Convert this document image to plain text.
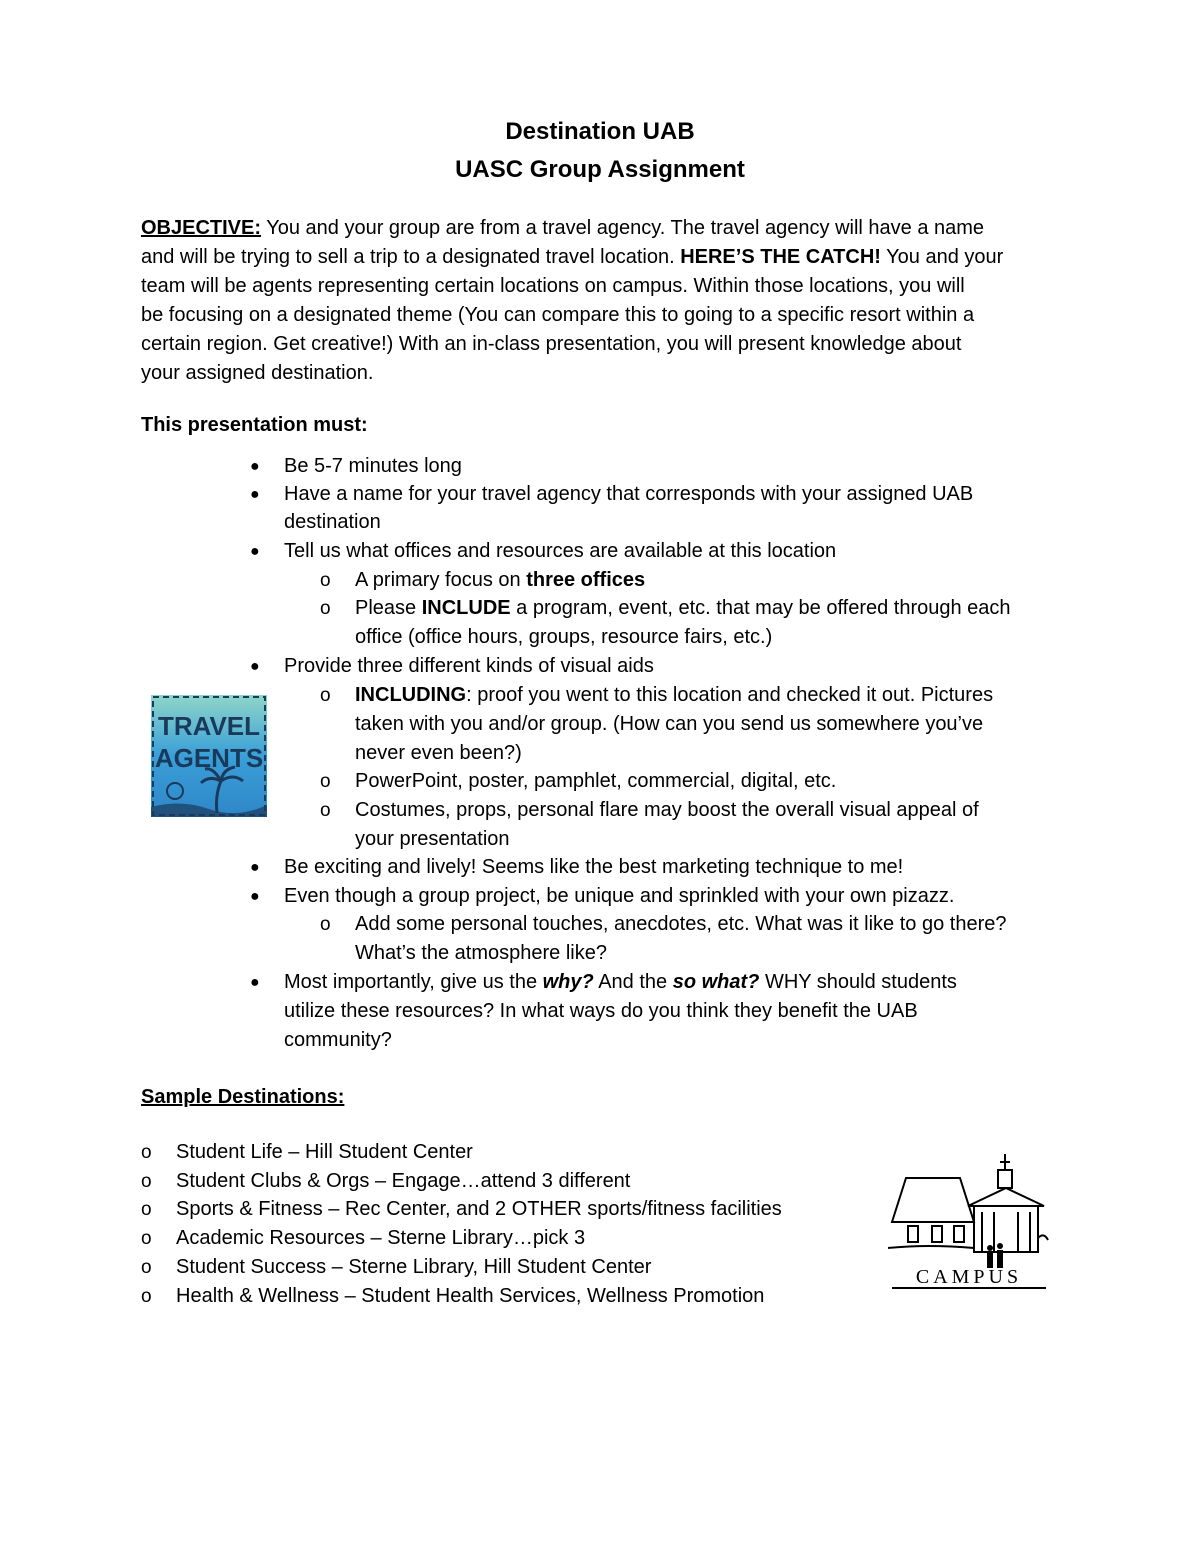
Destination UAB
UASC Group Assignment
OBJECTIVE: You and your group are from a travel agency. The travel agency will have a name
and will be trying to sell a trip to a designated travel location. HERE’S THE CATCH! You and your
team will be agents representing certain locations on campus. Within those locations, you will
be focusing on a designated theme (You can compare this to going to a specific resort within a
certain region. Get creative!) With an in-class presentation, you will present knowledge about
your assigned destination.
This presentation must:
● Be 5-7 minutes long
● Have a name for your travel agency that corresponds with your assigned UAB
destination
● Tell us what offices and resources are available at this location
o A primary focus on three offices
o Please INCLUDE a program, event, etc. that may be offered through each
office (office hours, groups, resource fairs, etc.)
● Provide three different kinds of visual aids
o INCLUDING: proof you went to this location and checked it out. Pictures
taken with you and/or group. (How can you send us somewhere you’ve
never even been?)
o PowerPoint, poster, pamphlet, commercial, digital, etc.
o Costumes, props, personal flare may boost the overall visual appeal of
your presentation
● Be exciting and lively! Seems like the best marketing technique to me!
● Even though a group project, be unique and sprinkled with your own pizazz.
o Add some personal touches, anecdotes, etc. What was it like to go there?
What’s the atmosphere like?
● Most importantly, give us the why? And the so what? WHY should students
utilize these resources? In what ways do you think they benefit the UAB
community?
Sample Destinations:
o Student Life – Hill Student Center
o Student Clubs & Orgs – Engage…attend 3 different
o Sports & Fitness – Rec Center, and 2 OTHER sports/fitness facilities
o Academic Resources – Sterne Library…pick 3
o Student Success – Sterne Library, Hill Student Center
o Health & Wellness – Student Health Services, Wellness Promotion
TRAVEL
AGENTS
CAMPUS
